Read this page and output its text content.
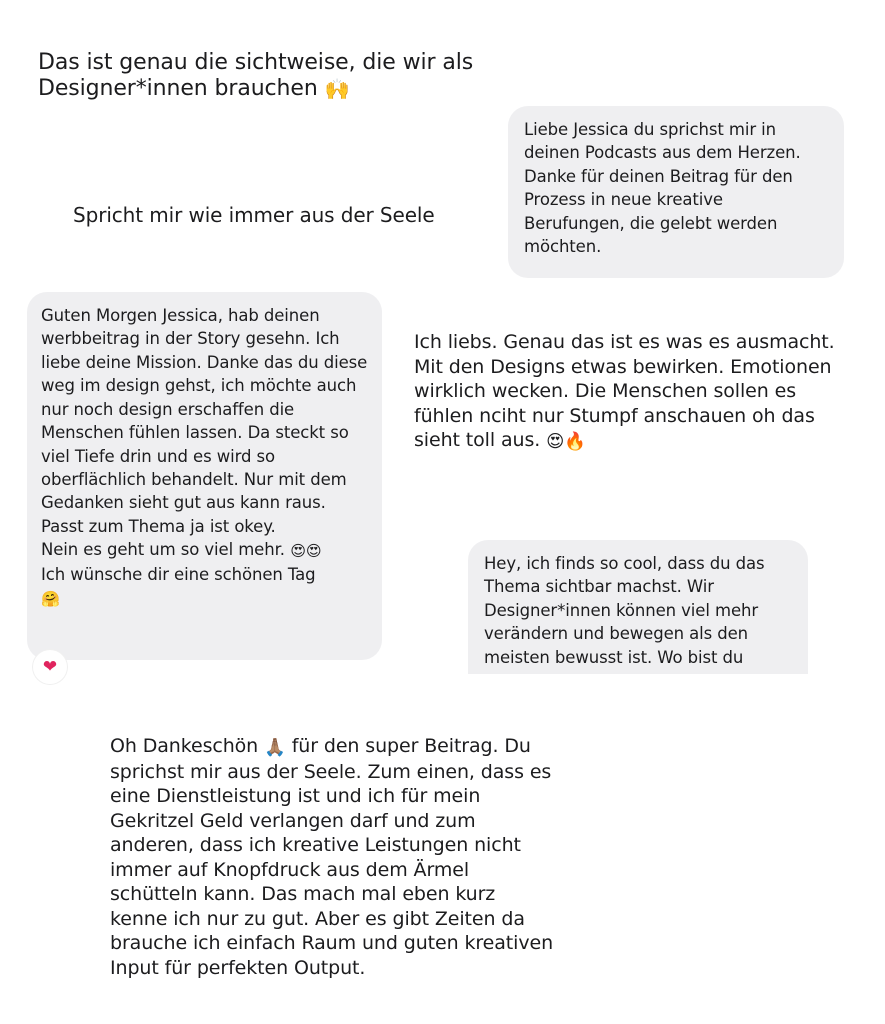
Das ist genau die sichtweise, die wir als Designer*innen brauchen 🙌

Liebe Jessica du sprichst mir in deinen Podcasts aus dem Herzen. Danke für deinen Beitrag für den Prozess in neue kreative Berufungen, die gelebt werden möchten.

Spricht mir wie immer aus der Seele

Guten Morgen Jessica, hab deinen werbbeitrag in der Story gesehn. Ich liebe deine Mission. Danke das du diese weg im design gehst, ich möchte auch nur noch design erschaffen die Menschen fühlen lassen. Da steckt so viel Tiefe drin und es wird so oberflächlich behandelt. Nur mit dem Gedanken sieht gut aus kann raus. Passt zum Thema ja ist okey.

Nein es geht um so viel mehr. 😍😍

Ich wünsche dir eine schönen Tag
🤗

❤

Ich liebs. Genau das ist es was es ausmacht. Mit den Designs etwas bewirken. Emotionen wirklich wecken. Die Menschen sollen es fühlen nciht nur Stumpf anschauen oh das sieht toll aus. 😍🔥

Hey, ich finds so cool, dass du das Thema sichtbar machst. Wir Designer*innen können viel mehr verändern und bewegen als den meisten bewusst ist. Wo bist du

Oh Dankeschön 🙏🏽 für den super Beitrag. Du sprichst mir aus der Seele. Zum einen, dass es eine Dienstleistung ist und ich für mein Gekritzel Geld verlangen darf und zum anderen, dass ich kreative Leistungen nicht immer auf Knopfdruck aus dem Ärmel schütteln kann. Das mach mal eben kurz kenne ich nur zu gut. Aber es gibt Zeiten da brauche ich einfach Raum und guten kreativen Input für perfekten Output.
